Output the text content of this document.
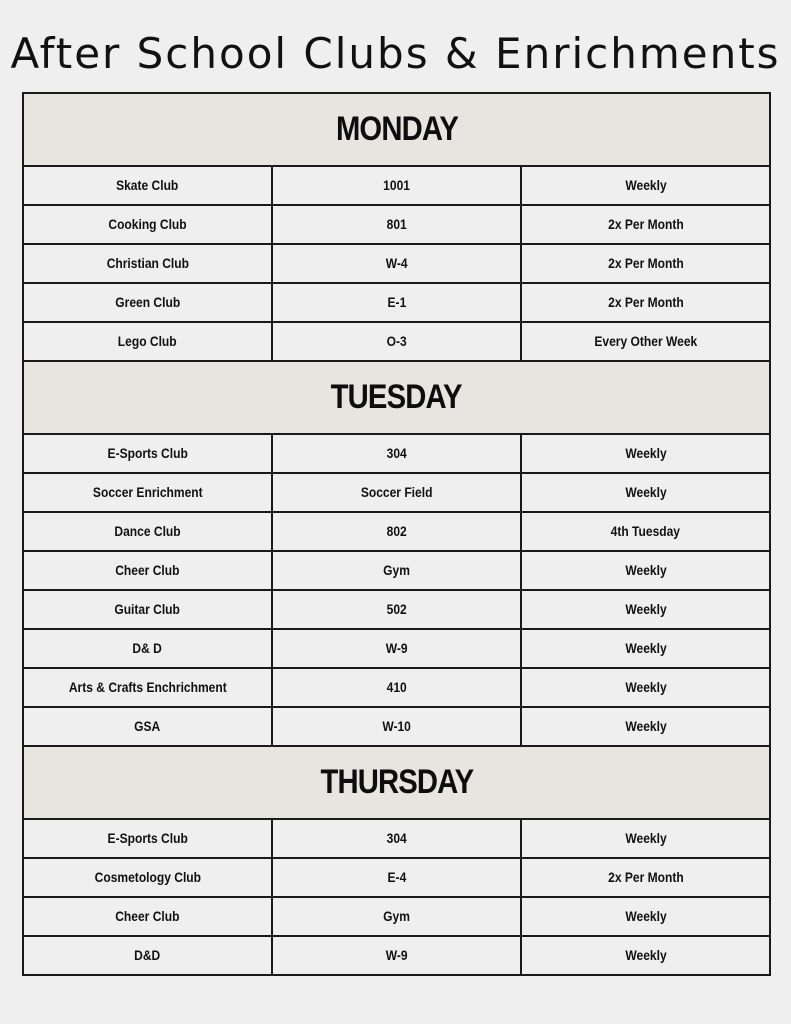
After School Clubs & Enrichments
MONDAY		
Skate Club	1001	Weekly
Cooking Club	801	2x Per Month
Christian Club	W-4	2x Per Month
Green Club	E-1	2x Per Month
Lego Club	O-3	Every Other Week
TUESDAY		
E-Sports Club	304	Weekly
Soccer Enrichment	Soccer Field	Weekly
Dance Club	802	4th Tuesday
Cheer Club	Gym	Weekly
Guitar Club	502	Weekly
D& D	W-9	Weekly
Arts & Crafts Enchrichment	410	Weekly
GSA	W-10	Weekly
THURSDAY		
E-Sports Club	304	Weekly
Cosmetology Club	E-4	2x Per Month
Cheer Club	Gym	Weekly
D&D	W-9	Weekly
